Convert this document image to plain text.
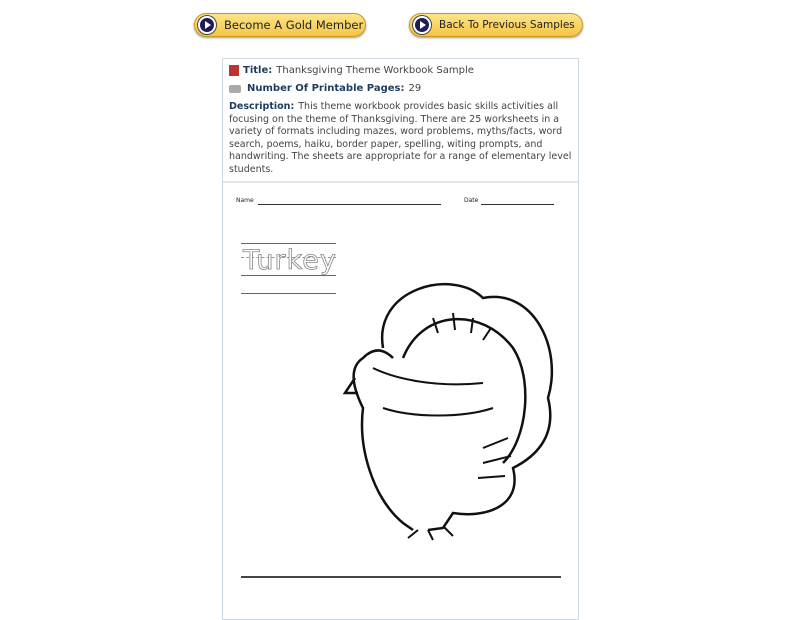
Become A Gold Member	Back To Previous Samples
Title: Thanksgiving Theme Workbook Sample
Number Of Printable Pages: 29
Description: This theme workbook provides basic skills activities all focusing on the theme of Thanksgiving. There are 25 worksheets in a variety of formats including mazes, word problems, myths/facts, word search, poems, haiku, border paper, spelling, witing prompts, and handwriting. The sheets are appropriate for a range of elementary level students.
Name	Date
Turkey
